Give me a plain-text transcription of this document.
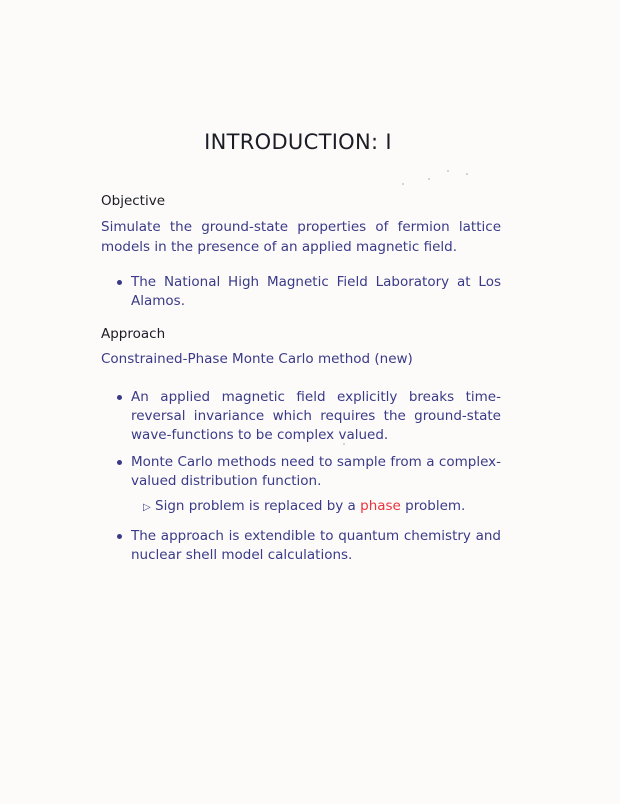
INTRODUCTION: I
Objective
Simulate the ground-state properties of fermion lattice models in the presence of an applied magnetic field.
The National High Magnetic Field Laboratory at Los Alamos.
Approach
Constrained-Phase Monte Carlo method (new)
An applied magnetic field explicitly breaks time-reversal invariance which requires the ground-state wave-functions to be complex valued.
Monte Carlo methods need to sample from a complex-valued distribution function.
▷ Sign problem is replaced by a phase problem.
The approach is extendible to quantum chemistry and nuclear shell model calculations.
